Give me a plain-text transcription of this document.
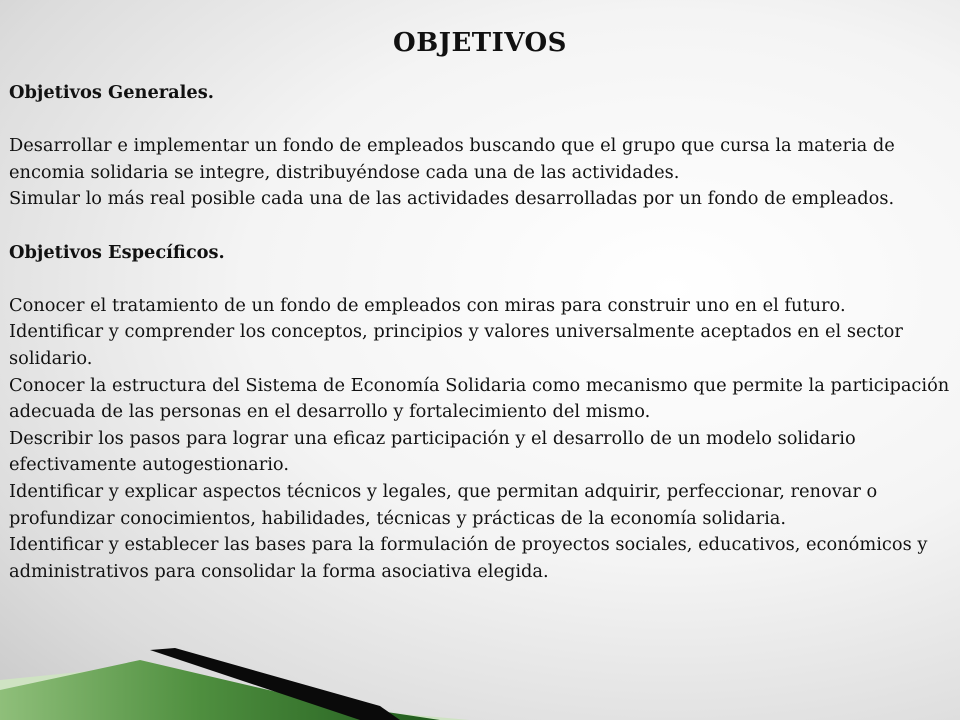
OBJETIVOS

Objetivos Generales.

Desarrollar e implementar un fondo de empleados buscando que el grupo que cursa la materia de encomia solidaria se integre, distribuyéndose cada una de las actividades.

Simular lo más real posible cada una de las actividades desarrolladas por un fondo de empleados.

Objetivos Específicos.

Conocer el tratamiento de un fondo de empleados con miras para construir uno en el futuro.

Identificar y comprender los conceptos, principios y valores universalmente aceptados en el sector solidario.

Conocer la estructura del Sistema de Economía Solidaria como mecanismo que permite la participación adecuada de las personas en el desarrollo y fortalecimiento del mismo.

Describir los pasos para lograr una eficaz participación y el desarrollo de un modelo solidario efectivamente autogestionario.

Identificar y explicar aspectos técnicos y legales, que permitan adquirir, perfeccionar, renovar o profundizar conocimientos, habilidades, técnicas y prácticas de la economía solidaria.

Identificar y establecer las bases para la formulación de proyectos sociales, educativos, económicos y administrativos para consolidar la forma asociativa elegida.
